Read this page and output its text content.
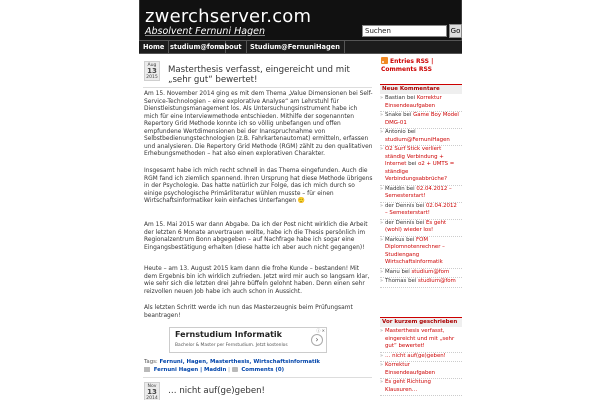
zwerchserver.com
Absolvent Fernuni Hagen
Suchen	Go
Home studium@fom
about	Studium@FernuniHagen
Aug
13
2015
Masterthesis verfasst, eingereicht und mit „sehr gut“ bewertet!
Am 15. November 2014 ging es mit dem Thema „Value Dimensionen bei Self-Service-Technologien – eine explorative Analyse“ am Lehrstuhl für Dienstleistungsmanagement los. Als Untersuchungsinstrument habe ich mich für eine Interviewmethode entschieden. Mithilfe der sogenannten Repertory Grid Methode konnte ich so völlig unbefangen und offen empfundene Wertdimensionen bei der Inanspruchnahme von Selbstbedienungstechnologien (z.B. Fahrkartenautomat) ermitteln, erfassen und analysieren. Die Repertory Grid Methode (RGM) zählt zu den qualitativen Erhebungsmethoden – hat also einen explorativen Charakter.
Insgesamt habe ich mich recht schnell in das Thema eingefunden. Auch die RGM fand ich ziemlich spannend. Ihren Ursprung hat diese Methode übrigens in der Psychologie. Das hatte natürlich zur Folge, das ich mich durch so einige psychologische Primärliteratur wühlen musste – für einen Wirtschaftsinformatiker kein einfaches Unterfangen 🙂
Am 15. Mai 2015 war dann Abgabe. Da ich der Post nicht wirklich die Arbeit der letzten 6 Monate anvertrauen wollte, habe ich die Thesis persönlich im Regionalzentrum Bonn abgegeben – auf Nachfrage habe ich sogar eine Eingangsbestätigung erhalten (diese hatte ich aber auch nicht gegangen)!
Heute – am 13. August 2015 kam dann die frohe Kunde – bestanden! Mit dem Ergebnis bin ich wirklich zufrieden. Jetzt wird mir auch so langsam klar, wie sehr sich die letzten drei Jahre büffeln gelohnt haben. Denn einen sehr reizvollen neuen Job habe ich auch schon in Aussicht.
Als letzten Schritt werde ich nun das Masterzeugnis beim Prüfungsamt beantragen!
Fernstudium Informatik
Bachelor & Master per Fernstudium. Jetzt kostenlos
›
ⓘ ✕
Tags: Fernuni, Hagen, Masterthesis, Wirtschaftsinformatik
Fernuni Hagen | Maddin |  Comments (0)
Nov
13
2014
… nicht auf(ge)geben!
Entries RSS | Comments RSS
Neue Kommentare
» Bastian bei Korrektur Einsendeaufgaben
» Snake bei Game Boy Model DMG-01
» Antonio bei studium@FernuniHagen
» O2 Surf Stick verliert ständig Verbindung + Internet bei o2 + UMTS = ständige Verbindungsabbrüche?
» Maddin bei 02.04.2012 – Semesterstart!
» der Dennis bei 02.04.2012 – Semesterstart!
» der Dennis bei Es geht (wohl) wieder los!
» Markus bei FOM Diplomnotenrechner – Studiengang Wirtschaftsinformatik
» Manu bei studium@fom
» Thomas bei studium@fom
Vor kurzem geschrieben
» Masterthesis verfasst, eingereicht und mit „sehr gut“ bewertet!
» … nicht auf(ge)geben!
» Korrektur Einsendeaufgaben
» Es geht Richtung Klausuren…
